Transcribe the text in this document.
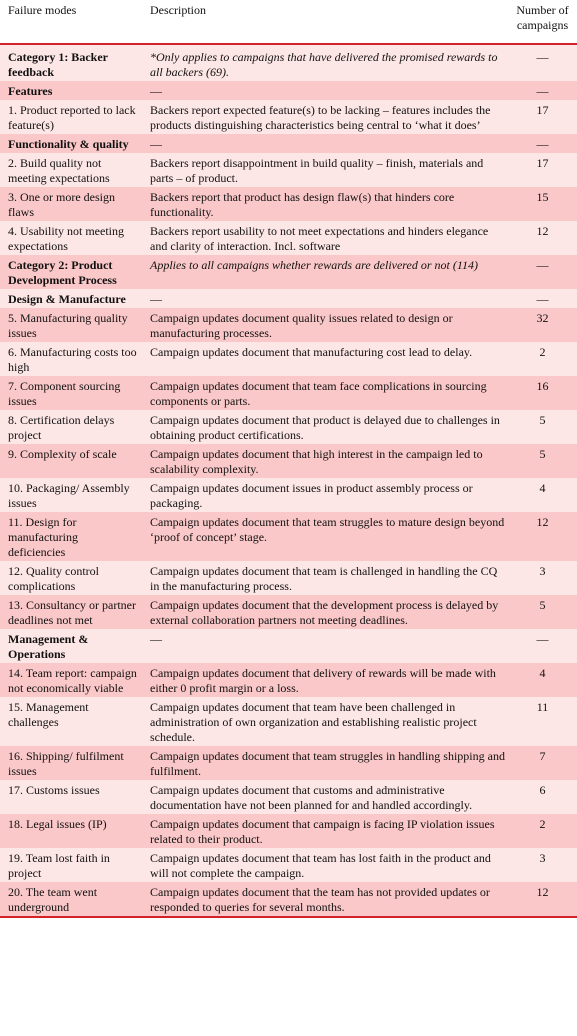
Failure modes	Description	Number of campaigns
Category 1: Backer feedback	*Only applies to campaigns that have delivered the promised rewards to all backers (69).	—
Features	—	—
1. Product reported to lack feature(s)	Backers report expected feature(s) to be lacking – features includes the products distinguishing characteristics being central to ‘what it does’	17
Functionality & quality	—	—
2. Build quality not meeting expectations	Backers report disappointment in build quality – finish, materials and parts – of product.	17
3. One or more design flaws	Backers report that product has design flaw(s) that hinders core functionality.	15
4. Usability not meeting expectations	Backers report usability to not meet expectations and hinders elegance and clarity of interaction. Incl. software	12
Category 2: Product Development Process	Applies to all campaigns whether rewards are delivered or not (114)	—
Design & Manufacture	—	—
5. Manufacturing quality issues	Campaign updates document quality issues related to design or manufacturing processes.	32
6. Manufacturing costs too high	Campaign updates document that manufacturing cost lead to delay.	2
7. Component sourcing issues	Campaign updates document that team face complications in sourcing components or parts.	16
8. Certification delays project	Campaign updates document that product is delayed due to challenges in obtaining product certifications.	5
9. Complexity of scale	Campaign updates document that high interest in the campaign led to scalability complexity.	5
10. Packaging/ Assembly issues	Campaign updates document issues in product assembly process or packaging.	4
11. Design for manufacturing deficiencies	Campaign updates document that team struggles to mature design beyond ‘proof of concept’ stage.	12
12. Quality control complications	Campaign updates document that team is challenged in handling the CQ in the manufacturing process.	3
13. Consultancy or partner deadlines not met	Campaign updates document that the development process is delayed by external collaboration partners not meeting deadlines.	5
Management & Operations	—	—
14. Team report: campaign not economically viable	Campaign updates document that delivery of rewards will be made with either 0 profit margin or a loss.	4
15. Management challenges	Campaign updates document that team have been challenged in administration of own organization and establishing realistic project schedule.	11
16. Shipping/ fulfilment issues	Campaign updates document that team struggles in handling shipping and fulfilment.	7
17. Customs issues	Campaign updates document that customs and administrative documentation have not been planned for and handled accordingly.	6
18. Legal issues (IP)	Campaign updates document that campaign is facing IP violation issues related to their product.	2
19. Team lost faith in project	Campaign updates document that team has lost faith in the product and will not complete the campaign.	3
20. The team went underground	Campaign updates document that the team has not provided updates or responded to queries for several months.	12
